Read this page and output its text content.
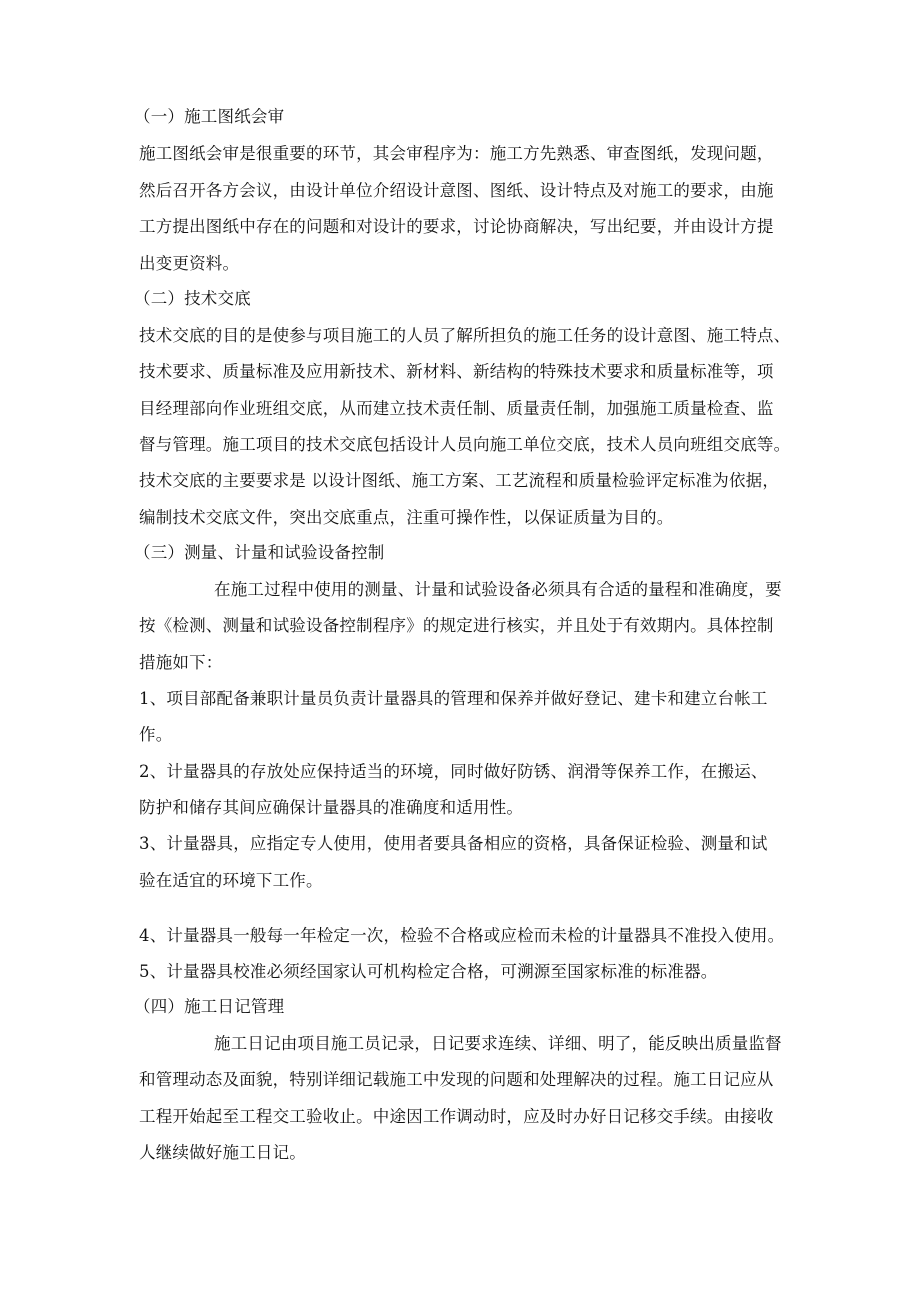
（一）施工图纸会审
施工图纸会审是很重要的环节，其会审程序为：施工方先熟悉、审查图纸，发现问题，
然后召开各方会议，由设计单位介绍设计意图、图纸、设计特点及对施工的要求，由施
工方提出图纸中存在的问题和对设计的要求，讨论协商解决，写出纪要，并由设计方提
出变更资料。
（二）技术交底
技术交底的目的是使参与项目施工的人员了解所担负的施工任务的设计意图、施工特点、
技术要求、质量标准及应用新技术、新材料、新结构的特殊技术要求和质量标准等，项
目经理部向作业班组交底，从而建立技术责任制、质量责任制，加强施工质量检查、监
督与管理。施工项目的技术交底包括设计人员向施工单位交底，技术人员向班组交底等。
技术交底的主要要求是 以设计图纸、施工方案、工艺流程和质量检验评定标准为依据，
编制技术交底文件，突出交底重点，注重可操作性，以保证质量为目的。
（三）测量、计量和试验设备控制
在施工过程中使用的测量、计量和试验设备必须具有合适的量程和准确度，要
按《检测、测量和试验设备控制程序》的规定进行核实，并且处于有效期内。具体控制
措施如下：
1、项目部配备兼职计量员负责计量器具的管理和保养并做好登记、建卡和建立台帐工
作。
2、计量器具的存放处应保持适当的环境，同时做好防锈、润滑等保养工作，在搬运、
防护和储存其间应确保计量器具的准确度和适用性。
3、计量器具，应指定专人使用，使用者要具备相应的资格，具备保证检验、测量和试
验在适宜的环境下工作。
4、计量器具一般每一年检定一次，检验不合格或应检而未检的计量器具不准投入使用。
5、计量器具校准必须经国家认可机构检定合格，可溯源至国家标准的标准器。
（四）施工日记管理
施工日记由项目施工员记录，日记要求连续、详细、明了，能反映出质量监督
和管理动态及面貌，特别详细记载施工中发现的问题和处理解决的过程。施工日记应从
工程开始起至工程交工验收止。中途因工作调动时，应及时办好日记移交手续。由接收
人继续做好施工日记。
